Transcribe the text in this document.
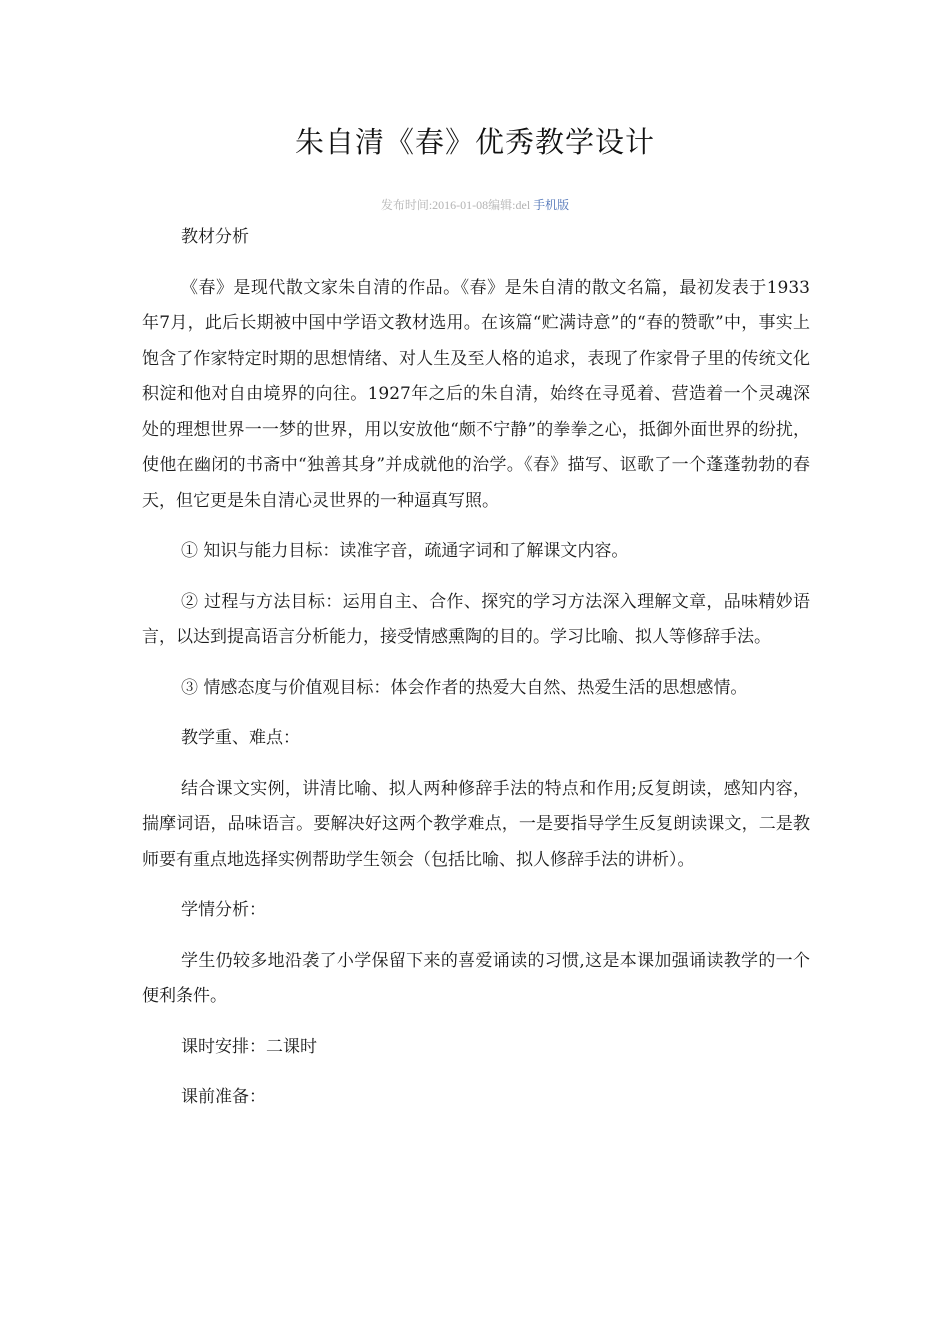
朱自清《春》优秀教学设计
发布时间:2016-01-08编辑:del 手机版

教材分析

《春》是现代散文家朱自清的作品。《春》是朱自清的散文名篇，最初发表于1933年7月，此后长期被中国中学语文教材选用。在该篇“贮满诗意”的“春的赞歌”中，事实上饱含了作家特定时期的思想情绪、对人生及至人格的追求，表现了作家骨子里的传统文化积淀和他对自由境界的向往。1927年之后的朱自清，始终在寻觅着、营造着一个灵魂深处的理想世界一一梦的世界，用以安放他“颇不宁静”的拳拳之心，抵御外面世界的纷扰，使他在幽闭的书斋中“独善其身”并成就他的治学。《春》描写、讴歌了一个蓬蓬勃勃的春天，但它更是朱自清心灵世界的一种逼真写照。

① 知识与能力目标：读准字音，疏通字词和了解课文内容。

② 过程与方法目标：运用自主、合作、探究的学习方法深入理解文章，品味精妙语言，以达到提高语言分析能力，接受情感熏陶的目的。学习比喻、拟人等修辞手法。

③ 情感态度与价值观目标：体会作者的热爱大自然、热爱生活的思想感情。

教学重、难点：

结合课文实例，讲清比喻、拟人两种修辞手法的特点和作用;反复朗读，感知内容，揣摩词语，品味语言。要解决好这两个教学难点，一是要指导学生反复朗读课文，二是教师要有重点地选择实例帮助学生领会（包括比喻、拟人修辞手法的讲析）。

学情分析：

学生仍较多地沿袭了小学保留下来的喜爱诵读的习惯,这是本课加强诵读教学的一个便利条件。

课时安排：二课时

课前准备：
